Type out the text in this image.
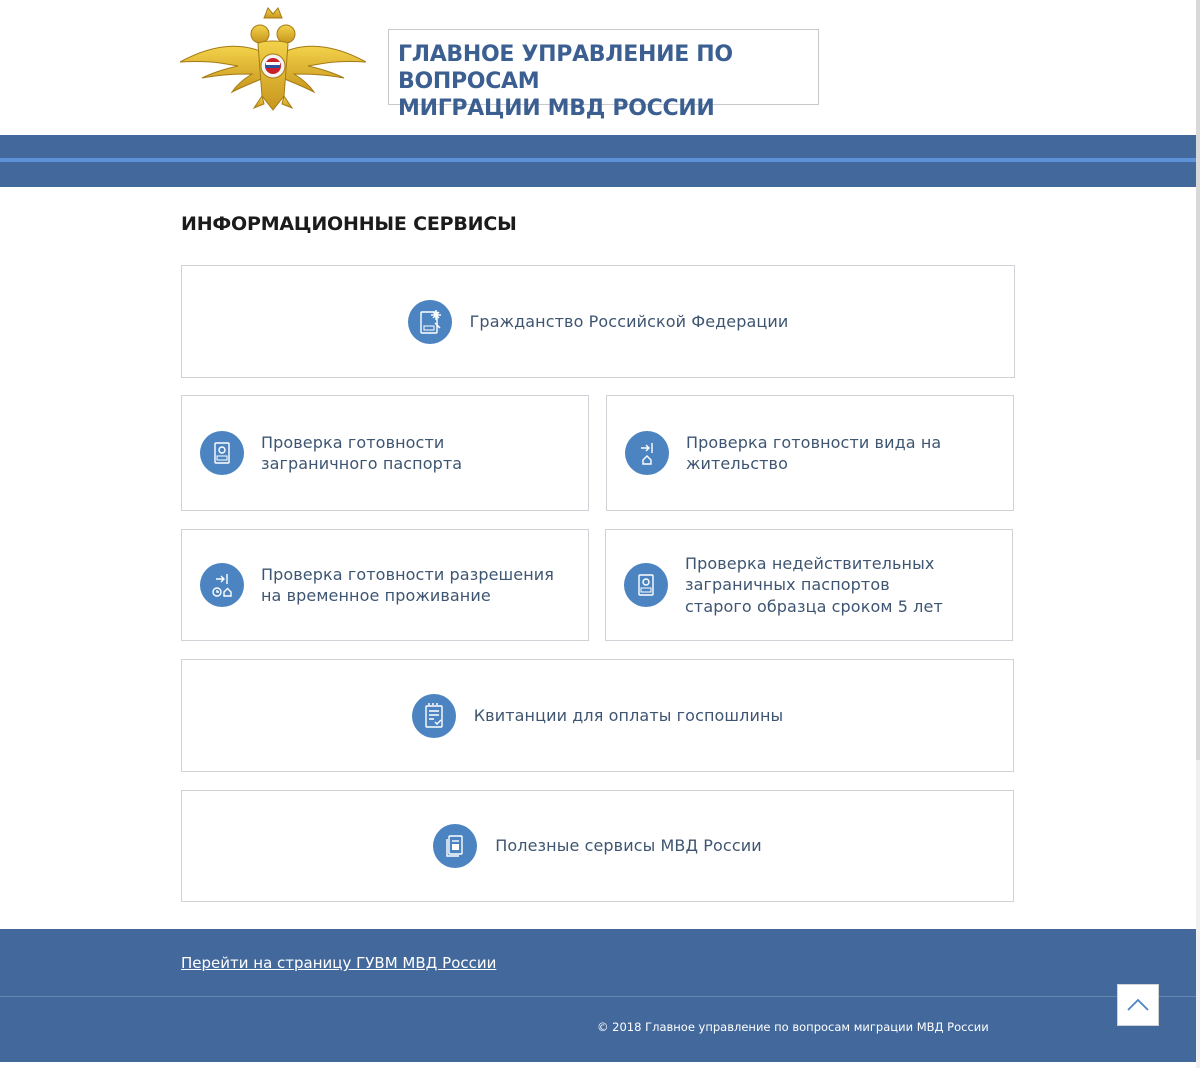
ГЛАВНОЕ УПРАВЛЕНИЕ ПО ВОПРОСАМ
МИГРАЦИИ МВД РОССИИ
ИНФОРМАЦИОННЫЕ СЕРВИСЫ
Гражданство Российской Федерации
Проверка готовности заграничного паспорта
Проверка готовности вида на жительство
Проверка готовности разрешения на временное проживание
Проверка недействительных заграничных паспортов старого образца сроком 5 лет
Квитанции для оплаты госпошлины
Полезные сервисы МВД России
Перейти на страницу ГУВМ МВД России
© 2018 Главное управление по вопросам миграции МВД России
